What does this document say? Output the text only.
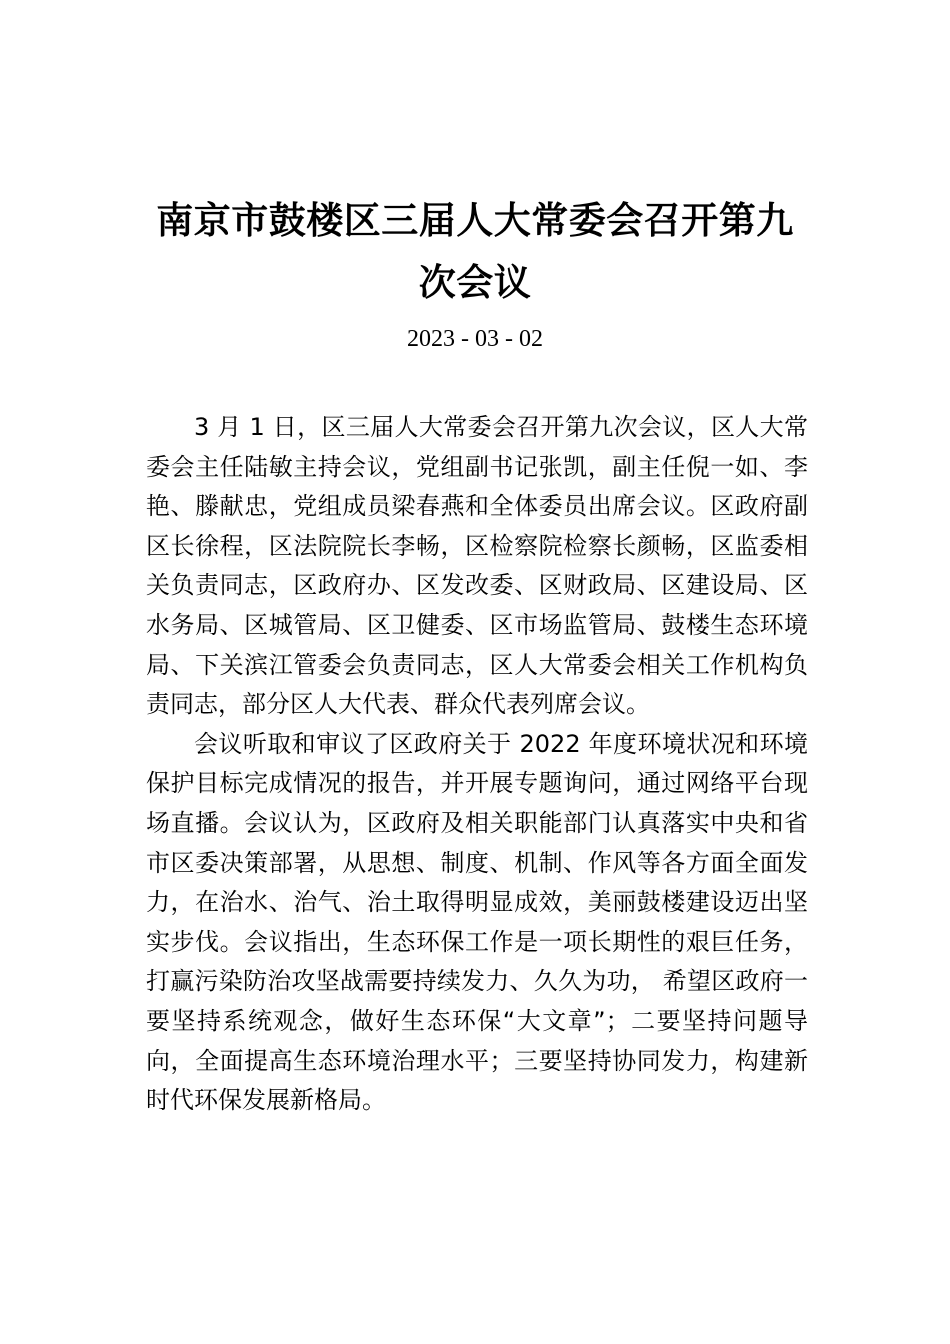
南京市鼓楼区三届人大常委会召开第九次会议
2023 - 03 - 02

3 月 1 日，区三届人大常委会召开第九次会议，区人大常委会主任陆敏主持会议，党组副书记张凯，副主任倪一如、李艳、滕献忠，党组成员梁春燕和全体委员出席会议。区政府副区长徐程，区法院院长李畅，区检察院检察长颜畅，区监委相关负责同志，区政府办、区发改委、区财政局、区建设局、区水务局、区城管局、区卫健委、区市场监管局、鼓楼生态环境局、下关滨江管委会负责同志，区人大常委会相关工作机构负责同志，部分区人大代表、群众代表列席会议。

会议听取和审议了区政府关于 2022 年度环境状况和环境保护目标完成情况的报告，并开展专题询问，通过网络平台现场直播。会议认为，区政府及相关职能部门认真落实中央和省市区委决策部署，从思想、制度、机制、作风等各方面全面发力，在治水、治气、治土取得明显成效，美丽鼓楼建设迈出坚实步伐。会议指出，生态环保工作是一项长期性的艰巨任务，打赢污染防治攻坚战需要持续发力、久久为功， 希望区政府一要坚持系统观念，做好生态环保“大文章”；二要坚持问题导向，全面提高生态环境治理水平；三要坚持协同发力，构建新时代环保发展新格局。
